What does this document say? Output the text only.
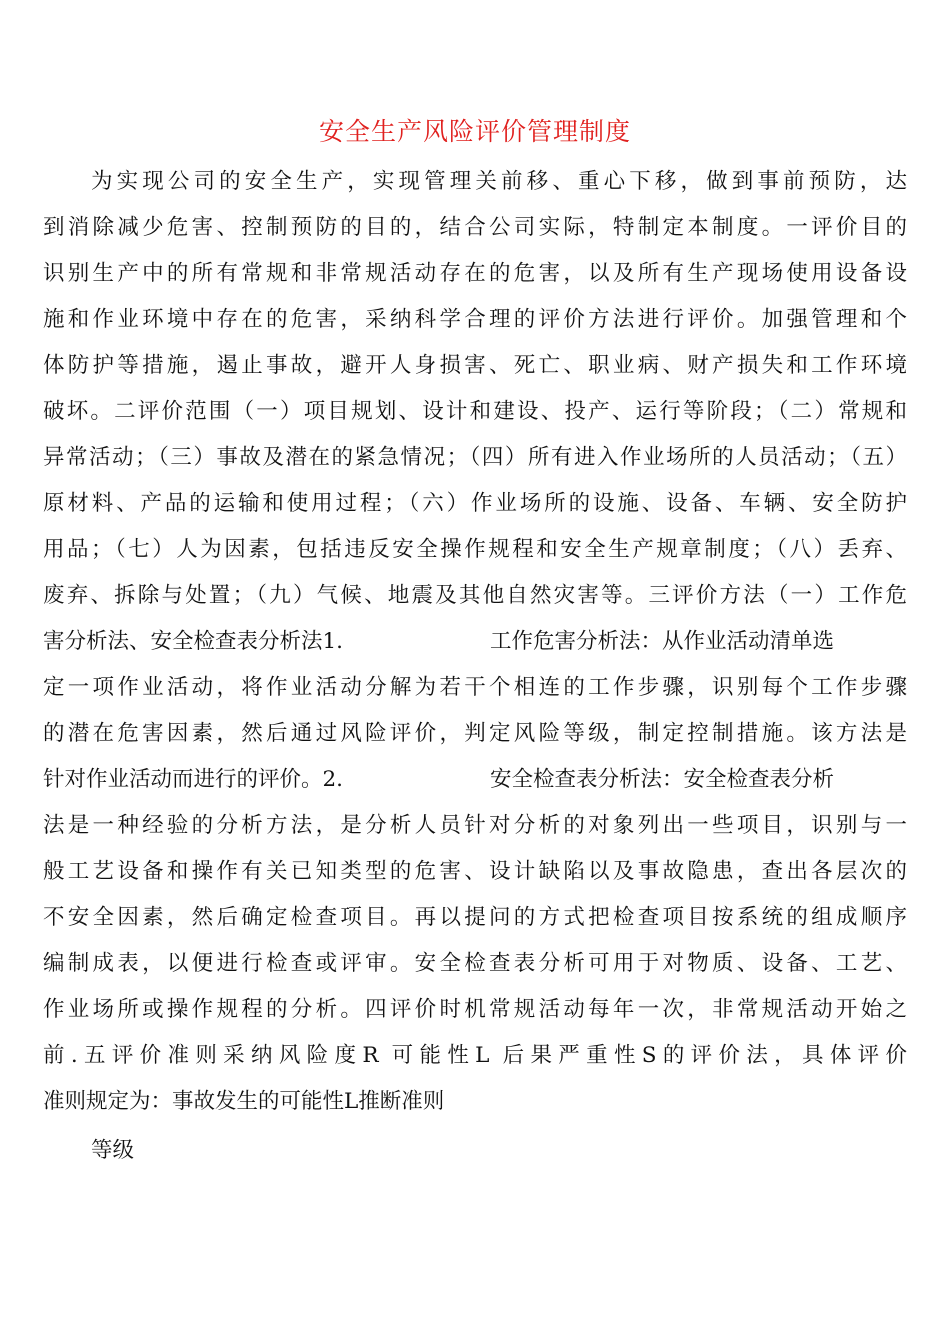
安全生产风险评价管理制度
为实现公司的安全生产，实现管理关前移、重心下移，做到事前预防，达
到消除减少危害、控制预防的目的，结合公司实际，特制定本制度。一评价目的
识别生产中的所有常规和非常规活动存在的危害，以及所有生产现场使用设备设
施和作业环境中存在的危害，采纳科学合理的评价方法进行评价。加强管理和个
体防护等措施，遏止事故，避开人身损害、死亡、职业病、财产损失和工作环境
破坏。二评价范围（一）项目规划、设计和建设、投产、运行等阶段；（二）常规和
异常活动；（三）事故及潜在的紧急情况；（四）所有进入作业场所的人员活动；（五）
原材料、产品的运输和使用过程；（六）作业场所的设施、设备、车辆、安全防护
用品；（七）人为因素，包括违反安全操作规程和安全生产规章制度；（八）丢弃、
废弃、拆除与处置；（九）气候、地震及其他自然灾害等。三评价方法（一）工作危
害分析法、安全检查表分析法1.	工作危害分析法：从作业活动清单选
定一项作业活动，将作业活动分解为若干个相连的工作步骤，识别每个工作步骤
的潜在危害因素，然后通过风险评价，判定风险等级，制定控制措施。该方法是
针对作业活动而进行的评价。2.	安全检查表分析法：安全检查表分析
法是一种经验的分析方法，是分析人员针对分析的对象列出一些项目，识别与一
般工艺设备和操作有关已知类型的危害、设计缺陷以及事故隐患，查出各层次的
不安全因素，然后确定检查项目。再以提问的方式把检查项目按系统的组成顺序
编制成表，以便进行检查或评审。安全检查表分析可用于对物质、设备、工艺、
作业场所或操作规程的分析。四评价时机常规活动每年一次，非常规活动开始之
前.五评价准则采纳风险度R 可能性L 后果严重性S的评价法，具体评价
准则规定为：事故发生的可能性L推断准则
等级
